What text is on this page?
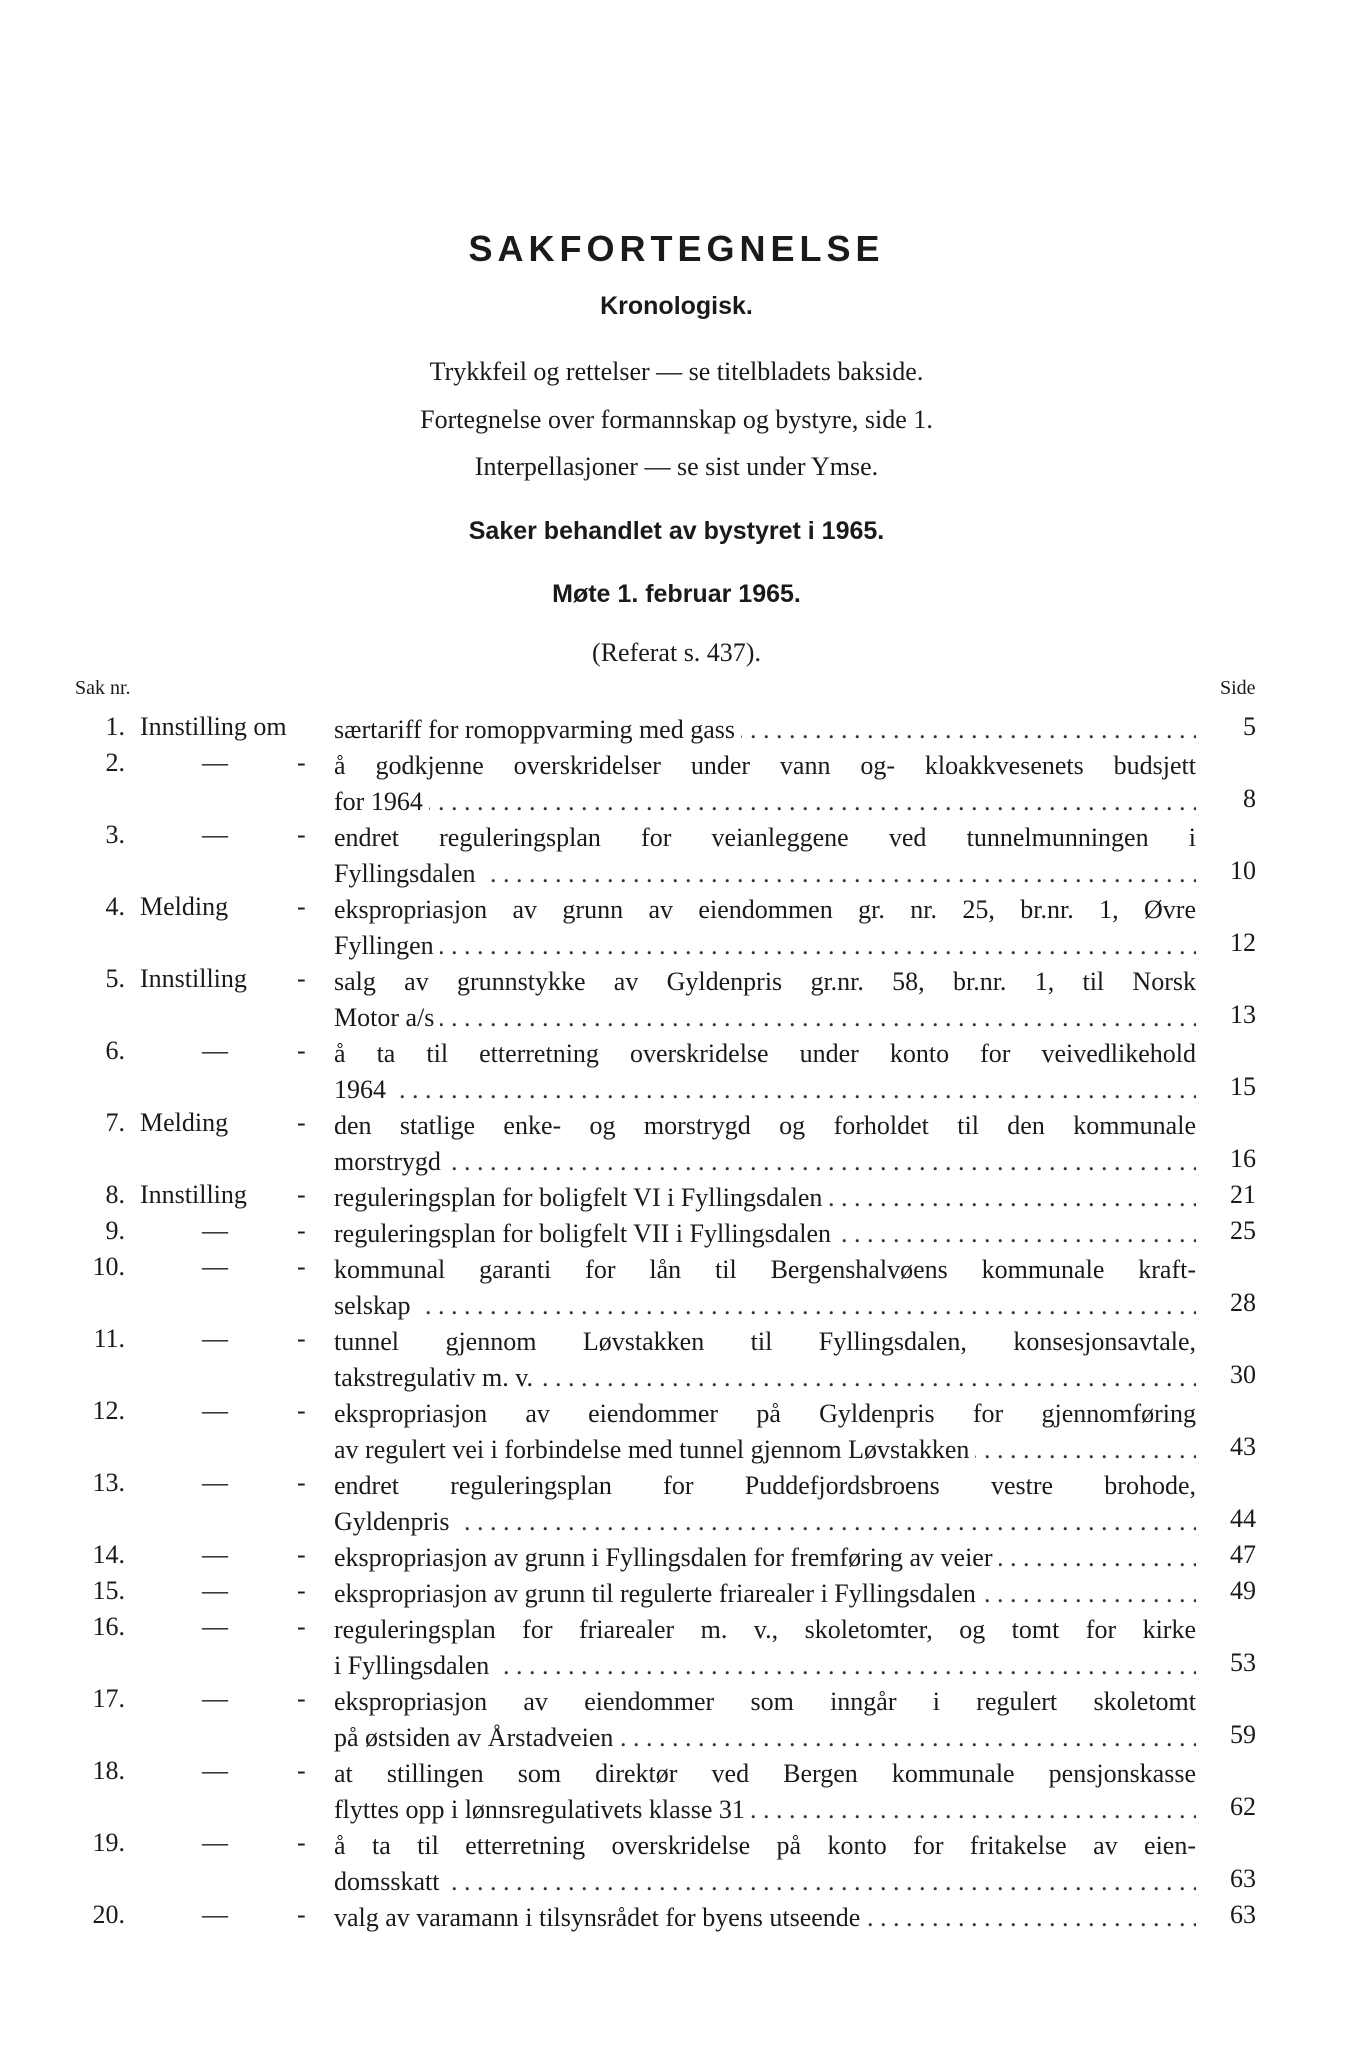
SAKFORTEGNELSE
Kronologisk.
Trykkfeil og rettelser — se titelbladets bakside.
Fortegnelse over formannskap og bystyre, side 1.
Interpellasjoner — se sist under Ymse.
Saker behandlet av bystyret i 1965.
Møte 1. februar 1965.
(Referat s. 437).
Sak nr.	Side
1. Innstilling om særtariff for romoppvarming med gass . . .	5
2.	—	- å godkjenne overskridelser under vann og- kloakkvesenets budsjett
for 1964 . . .	8
3.	—	- endret reguleringsplan for veianleggene ved tunnelmunningen i
Fyllingsdalen . . .	10
4. Melding	- ekspropriasjon av grunn av eiendommen gr. nr. 25, br.nr. 1, Øvre
Fyllingen . . .	12
5. Innstilling - salg av grunnstykke av Gyldenpris gr.nr. 58, br.nr. 1, til Norsk
Motor a/s . . .	13
6.	—	- å ta til etterretning overskridelse under konto for veivedlikehold
1964 . . .	15
7. Melding	- den statlige enke- og morstrygd og forholdet til den kommunale
morstrygd . . .	16
8. Innstilling - reguleringsplan for boligfelt VI i Fyllingsdalen . . .	21
9.	—	- reguleringsplan for boligfelt VII i Fyllingsdalen . . .	25
10.	—	- kommunal garanti for lån til Bergenshalvøens kommunale kraft-
selskap . . .	28
11.	—	- tunnel gjennom Løvstakken til Fyllingsdalen, konsesjonsavtale,
takstregulativ m. v. . . .	30
12.	—	- ekspropriasjon av eiendommer på Gyldenpris for gjennomføring
av regulert vei i forbindelse med tunnel gjennom Løvstakken . . .	43
13.	—	- endret reguleringsplan for Puddefjordsbroens vestre brohode,
Gyldenpris . . .	44
14.	—	- ekspropriasjon av grunn i Fyllingsdalen for fremføring av veier . . .	47
15.	—	- ekspropriasjon av grunn til regulerte friarealer i Fyllingsdalen . . .	49
16.	—	- reguleringsplan for friarealer m. v., skoletomter, og tomt for kirke
i Fyllingsdalen . . .	53
17.	—	- ekspropriasjon av eiendommer som inngår i regulert skoletomt
på østsiden av Årstadveien . . .	59
18.	—	- at stillingen som direktør ved Bergen kommunale pensjonskasse
flyttes opp i lønnsregulativets klasse 31 . . .	62
19.	—	- å ta til etterretning overskridelse på konto for fritakelse av eien-
domsskatt . . .	63
20.	—	- valg av varamann i tilsynsrådet for byens utseende . . .	63
